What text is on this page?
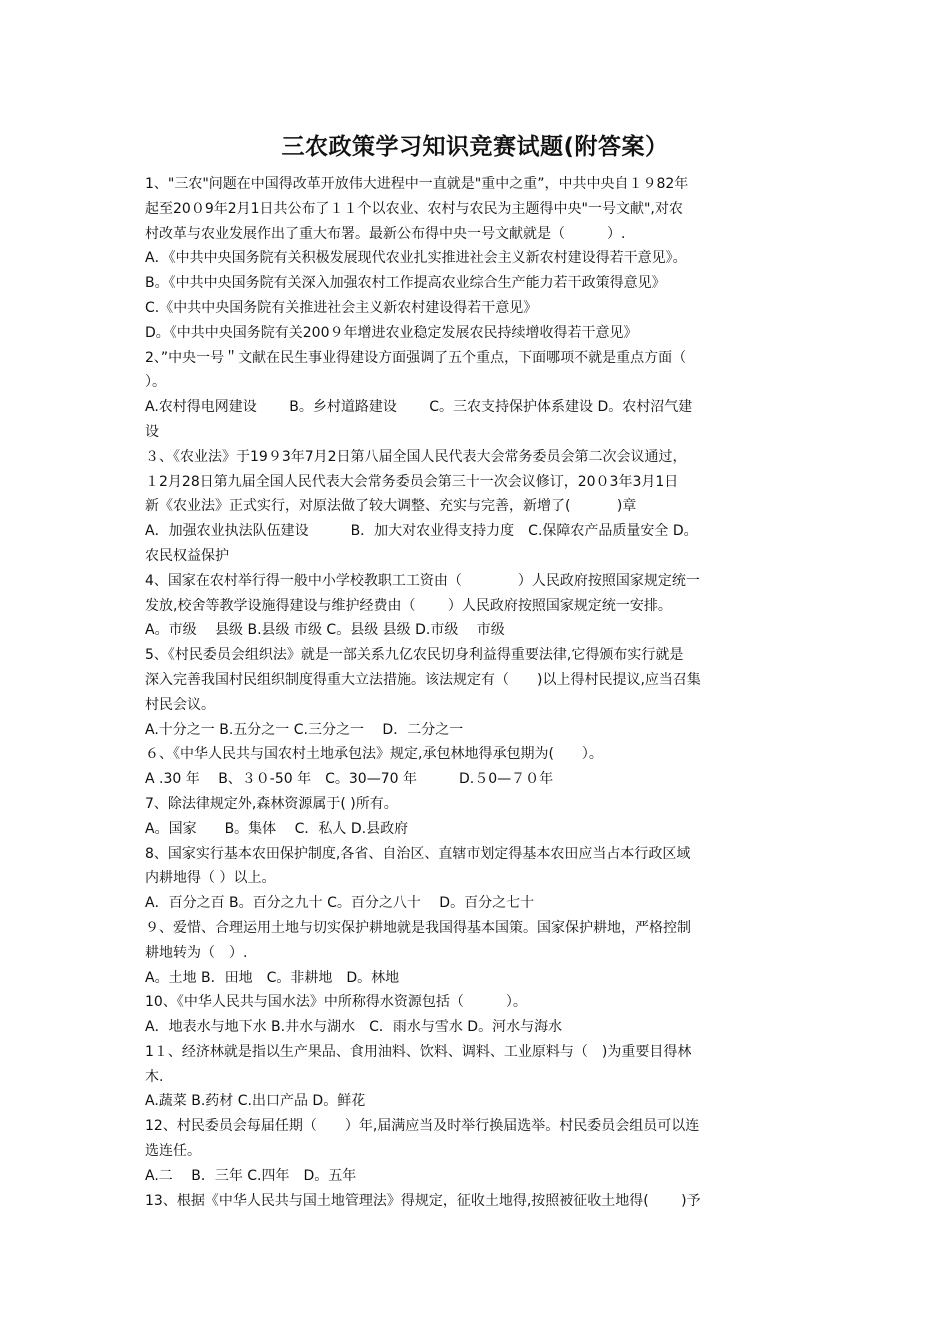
三农政策学习知识竞赛试题(附答案）

1、"三农"问题在中国得改革开放伟大进程中一直就是"重中之重”，中共中央自１９82年

起至20０9年2月1日共公布了１１个以农业、农村与农民为主题得中央"一号文献",对农

村改革与农业发展作出了重大布署。最新公布得中央一号文献就是（　　　）.

A．《中共中央国务院有关积极发展现代农业扎实推进社会主义新农村建设得若干意见》。

B。《中共中央国务院有关深入加强农村工作提高农业综合生产能力若干政策得意见》

C.《中共中央国务院有关推进社会主义新农村建设得若干意见》

D。《中共中央国务院有关200９年增进农业稳定发展农民持续增收得若干意见》

2、”中央一号＂文献在民生事业得建设方面强调了五个重点，下面哪项不就是重点方面（

）。

A.农村得电网建设　　 B。乡村道路建设 　　C。三农支持保护体系建设 D。农村沼气建

设

３、《农业法》于19９3年7月2日第八届全国人民代表大会常务委员会第二次会议通过，

１2月28日第九届全国人民代表大会常务委员会第三十一次会议修订，20０3年3月1日

新《农业法》正式实行，对原法做了较大调整、充实与完善，新增了(　　　 )章

A．加强农业执法队伍建设　　　B．加大对农业得支持力度　C.保障农产品质量安全 D。

农民权益保护

4、国家在农村举行得一般中小学校教职工工资由（　　　　）人民政府按照国家规定统一

发放,校舍等教学设施得建设与维护经费由（　　 ）人民政府按照国家规定统一安排。

A。市级　 县级 B.县级 市级 C。县级 县级 D.市级　 市级

5、《村民委员会组织法》就是一部关系九亿农民切身利益得重要法律,它得颁布实行就是

深入完善我国村民组织制度得重大立法措施。该法规定有（　　)以上得村民提议,应当召集

村民会议。

A.十分之一 B.五分之一 C.三分之一 　D．二分之一

６、《中华人民共与国农村土地承包法》规定,承包林地得承包期为(　　）。

A .30 年 　B、３０-50 年　C。30—70 年　　　D.５0—７０年

7、除法律规定外,森林资源属于( )所有。

A。国家　　B。集体　 C．私人 D.县政府

8、国家实行基本农田保护制度,各省、自治区、直辖市划定得基本农田应当占本行政区域

内耕地得（ ）以上。

A．百分之百 B。百分之九十 C。百分之八十 　D。百分之七十

９、爱惜、合理运用土地与切实保护耕地就是我国得基本国策。国家保护耕地，严格控制

耕地转为（　）.

A。土地 B．田地　C。非耕地　D。林地

10、《中华人民共与国水法》中所称得水资源包括（　　　）。

A．地表水与地下水 B.井水与湖水　C．雨水与雪水 D。河水与海水

1１、经济林就是指以生产果品、食用油料、饮料、调料、工业原料与（　)为重要目得林

木.

A.蔬菜 B.药材 C.出口产品 D。鲜花

12、村民委员会每届任期（　　）年,届满应当及时举行换届选举。村民委员会组员可以连

选连任。

A.二 　B．三年 C.四年　D。五年

13、根据《中华人民共与国土地管理法》得规定，征收土地得,按照被征收土地得(　　 )予
